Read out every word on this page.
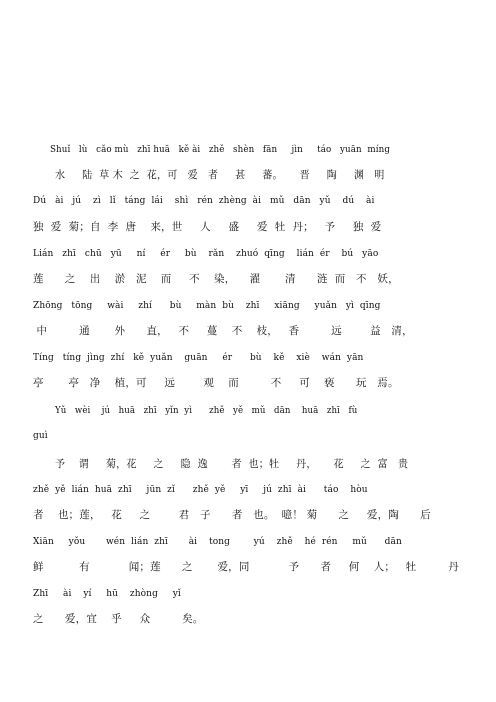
Shuǐ   lù   cǎo mù   zhī huā   kě ài   zhě   shèn   fān     jìn     táo   yuān  míng
水     陆  草 木  之  花，可   爱   者     甚     蕃。     晋     陶     渊   明
Dú   ài   jú    zì   lǐ   táng  lái    shì   rén  zhèng  ài   mǔ   dān   yǔ    dú    ài
独  爱  菊；自  李  唐    来，世     人     盛     爱  牡  丹；   予     独  爱
Lián   zhī   chū   yū     ní     ér     bù    rǎn    zhuó  qīng    lián  ér    bú   yāo
莲      之    出    淤   泥    而     不    染，    濯       清      涟  而   不   妖，
Zhōng   tōng     wài     zhí      bù     màn  bù    zhī     xiāng     yuǎn   yì  qīng
中         通       外      直，   不     蔓    不    枝，   香         远        益   清，
Tíng   tíng  jìng  zhí   kě  yuǎn    guān     ér      bù    kě    xiè    wán  yān
亭       亭   净    植，可     远        观    而         不     可    亵      玩   焉。
Yǔ   wèi    jú   huā   zhī   yǐn  yì      zhě   yě   mǔ   dān    huā   zhī   fù
guì
予    谓     菊，花     之     隐  逸       者  也；牡     丹，     花     之  富   贵
zhě  yě  lián  huā  zhī     jūn  zǐ      zhě  yě     yī     jú  zhī  ài      táo    hòu
者    也；莲，   花     之        君   子      者   也。  噫！ 菊      之     爱，陶      后
Xiān     yǒu       wén  lián  zhī       ài    tong        yú    zhě    hé  rén     mǔ      dān
鲜          有           闻；莲      之       爱，同           予      者     何    人；   牡         丹
Zhī     ài    yí     hū    zhòng     yǐ
之      爱，宜    乎     众         矣。
